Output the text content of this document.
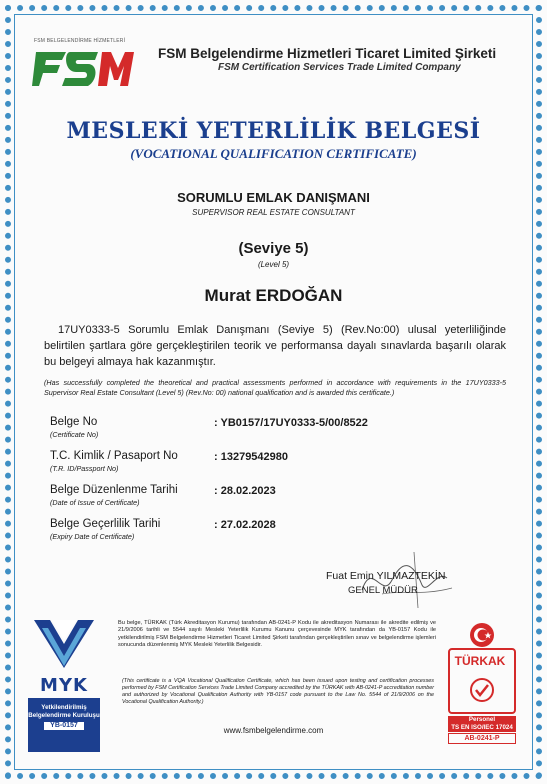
FSM BELGELENDİRME HİZMETLERİ
FSM Belgelendirme Hizmetleri Ticaret Limited Şirketi
FSM Certification Services Trade Limited Company
MESLEKİ YETERLİLİK BELGESİ
(VOCATIONAL QUALIFICATION CERTIFICATE)
SORUMLU EMLAK DANIŞMANI
SUPERVISOR REAL ESTATE CONSULTANT
(Seviye 5)
(Level 5)
Murat ERDOĞAN
17UY0333-5 Sorumlu Emlak Danışmanı (Seviye 5) (Rev.No:00) ulusal yeterliliğinde belirtilen şartlara göre gerçekleştirilen teorik ve performansa dayalı sınavlarda başarılı olarak bu belgeyi almaya hak kazanmıştır.
(Has successfully completed the theoretical and practical assessments performed in accordance with requirements in the 17UY0333-5 Supervisor Real Estate Consultant (Level 5) (Rev.No: 00) national qualification and is awarded this certificate.)
Belge No
(Certificate No)
: YB0157/17UY0333-5/00/8522
T.C. Kimlik / Pasaport No
(T.R. ID/Passport No)
: 13279542980
Belge Düzenlenme Tarihi
(Date of Issue of Certificate)
: 28.02.2023
Belge Geçerlilik Tarihi
(Expiry Date of Certificate)
: 27.02.2028
Fuat Emin YILMAZTEKİN
GENEL MÜDÜR
MYK
Yetkilendirilmiş
Belgelendirme Kuruluşu
YB-0157
Bu belge, TÜRKAK (Türk Akreditasyon Kurumu) tarafından AB-0241-P Kodu ile akreditasyon Numarası ile akredite edilmiş ve 21/9/2006 tarihli ve 5544 sayılı Mesleki Yeterlilik Kurumu Kanunu çerçevesinde MYK tarafından da YB-0157 Kodu ile yetkilendirilmiş FSM Belgelendirme Hizmetleri Ticaret Limited Şirketi tarafından gerçekleştirilen sınav ve belgelendirme işlemleri sonucunda düzenlenmiş MYK Mesleki Yeterlilik Belgesidir.
(This certificate is a VQA Vocational Qualification Certificate, which has been issued upon testing and certification processes performed by FSM Certification Services Trade Limited Company accredited by the TÜRKAK with AB-0241-P accreditation number and authorized by Vocational Qualification Authority with YB-0157 code pursuant to the Law No. 5544 of 21/9/2006 on the Vocational Qualification Authority.)
www.fsmbelgelendirme.com
TÜRKAK
Personel
TS EN ISO/IEC 17024
AB-0241-P
